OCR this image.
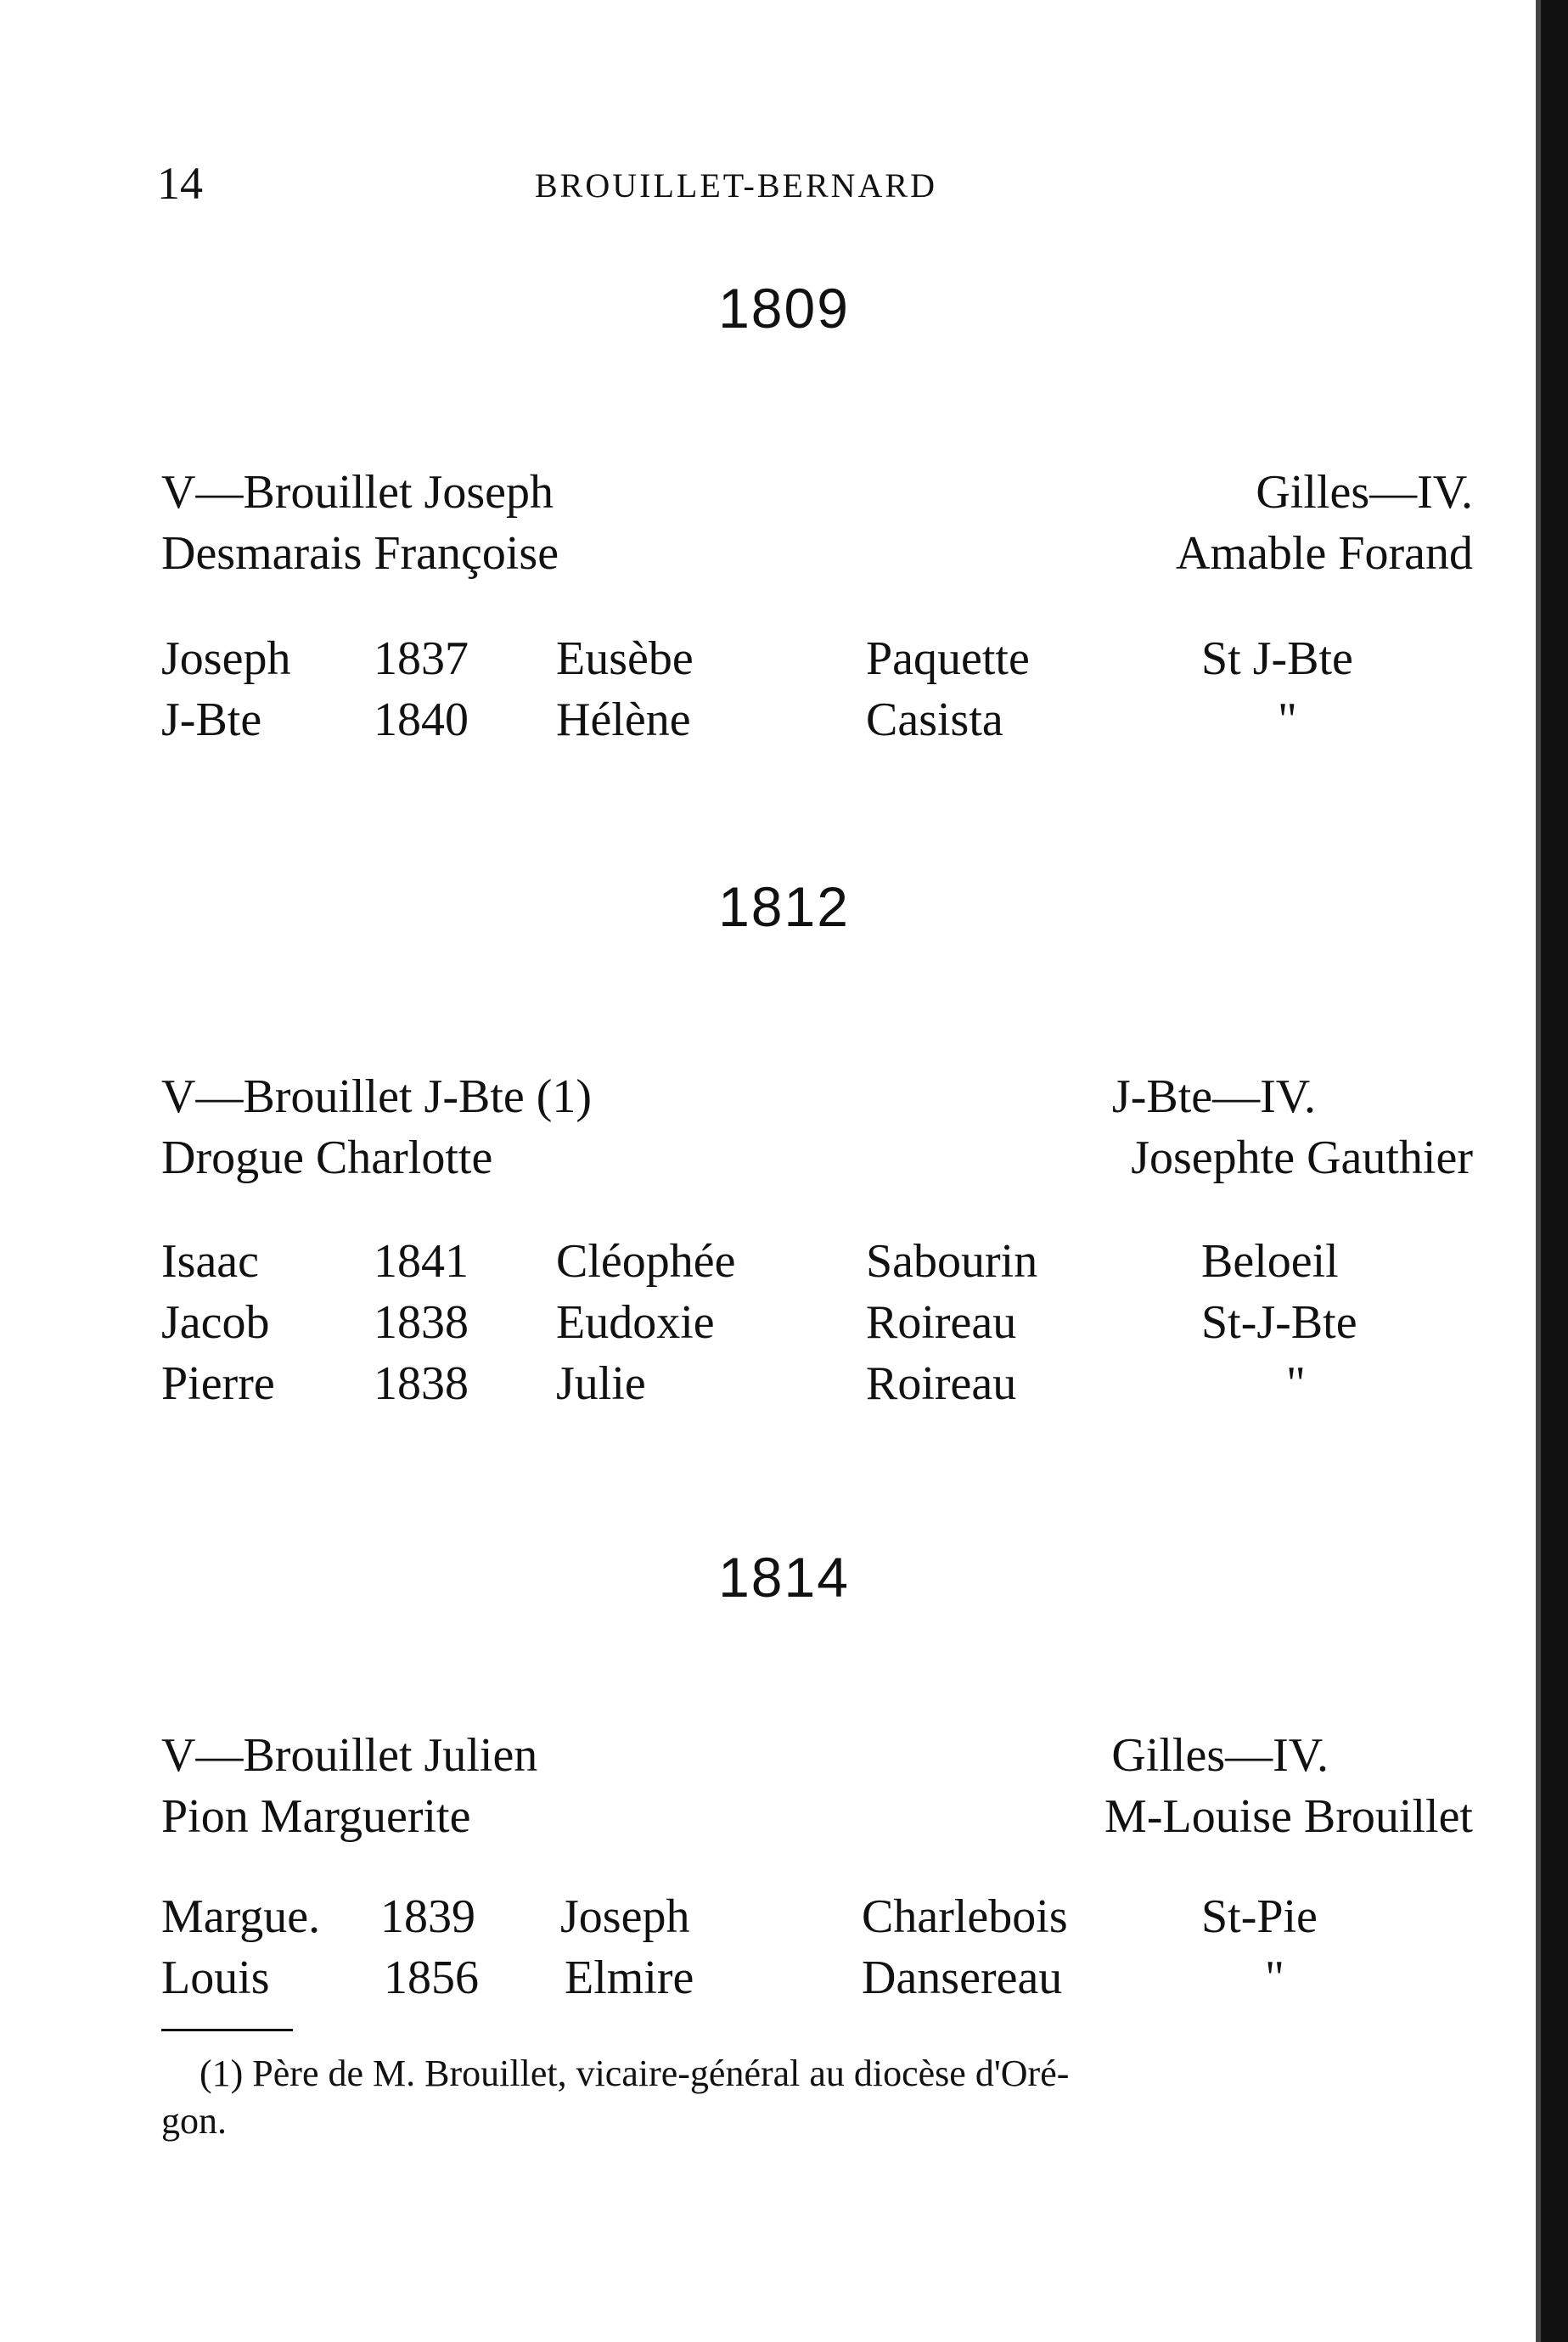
14	BROUILLET-BERNARD
1809
V—Brouillet Joseph	Gilles—IV.
Desmarais Françoise	Amable Forand
Joseph 1837 Eusèbe	Paquette	St J-Bte
J-Bte 1840 Hélène	Casista	"
1812
V—Brouillet J-Bte (1)	J-Bte—IV.
Drogue Charlotte	Josephte Gauthier
Isaac 1841 Cléophée	Sabourin	Beloeil
Jacob 1838 Eudoxie	Roireau	St-J-Bte
Pierre 1838 Julie	Roireau	"
1814
V—Brouillet Julien	Gilles—IV.
Pion Marguerite	M-Louise Brouillet
Margue. 1839 Joseph	Charlebois	St-Pie
Louis 1856 Elmire	Dansereau	"
(1) Père de M. Brouillet, vicaire-général au diocèse d'Oré-
gon.
